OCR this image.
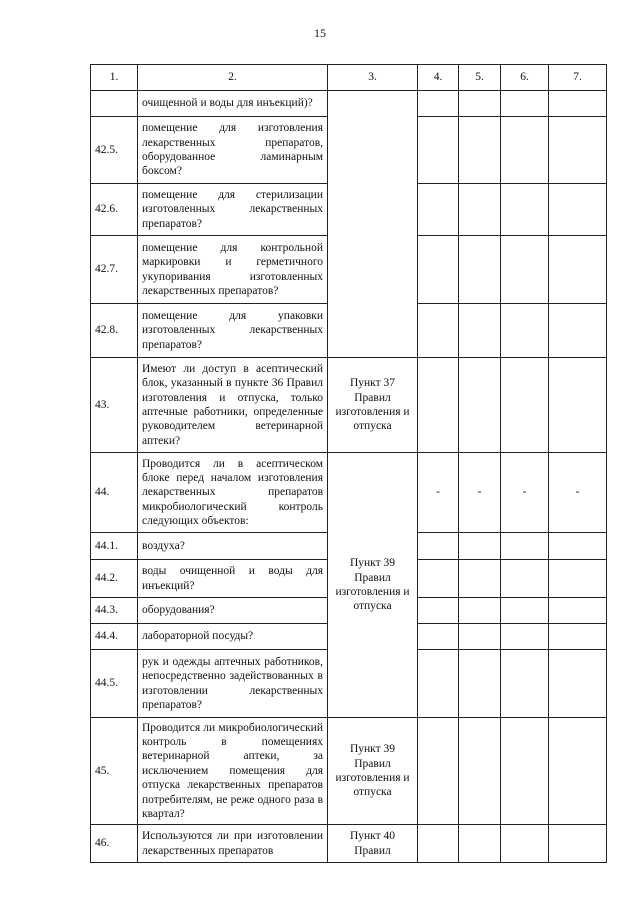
15
1.	2.	3.	4.	5.	6.	7.
	очищенной и воды для инъекций)?					
42.5.	помещение для изготовления лекарственных препаратов, оборудованное ламинарным боксом?					
42.6.	помещение для стерилизации изготовленных лекарственных препаратов?					
42.7.	помещение для контрольной маркировки и герметичного укупоривания изготовленных лекарственных препаратов?					
42.8.	помещение для упаковки изготовленных лекарственных препаратов?					
43.	Имеют ли доступ в асептический блок, указанный в пункте 36 Правил изготовления и отпуска, только аптечные работники, определенные руководителем ветеринарной аптеки?	Пункт 37 Правил изготовления и отпуска				
44.	Проводится ли в асептическом блоке перед началом изготовления лекарственных препаратов микробиологический контроль следующих объектов:	Пункт 39 Правил изготовления и отпуска	-	-	-	-
44.1.	воздуха?					
44.2.	воды очищенной и воды для инъекций?					
44.3.	оборудования?					
44.4.	лабораторной посуды?					
44.5.	рук и одежды аптечных работников, непосредственно задействованных в изготовлении лекарственных препаратов?					
45.	Проводится ли микробиологический контроль в помещениях ветеринарной аптеки, за исключением помещения для отпуска лекарственных препаратов потребителям, не реже одного раза в квартал?	Пункт 39 Правил изготовления и отпуска				
46.	Используются ли при изготовлении лекарственных препаратов	Пункт 40 Правил				
